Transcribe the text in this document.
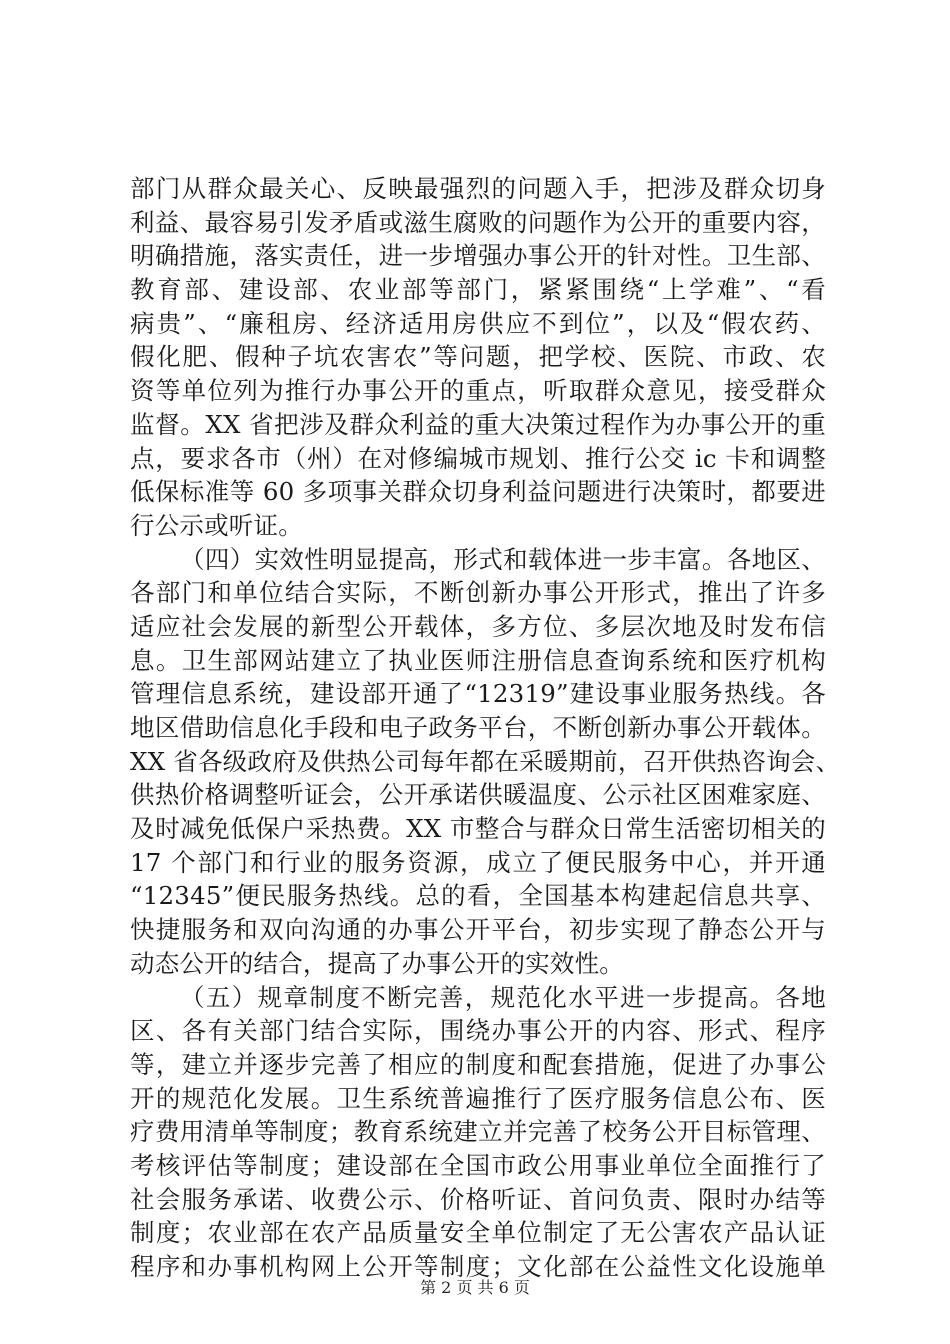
部门从群众最关心、反映最强烈的问题入手，把涉及群众切身
利益、最容易引发矛盾或滋生腐败的问题作为公开的重要内容，
明确措施，落实责任，进一步增强办事公开的针对性。卫生部、
教育部、建设部、农业部等部门，紧紧围绕“上学难”、“看
病贵”、“廉租房、经济适用房供应不到位”，以及“假农药、
假化肥、假种子坑农害农”等问题，把学校、医院、市政、农
资等单位列为推行办事公开的重点，听取群众意见，接受群众
监督。XX 省把涉及群众利益的重大决策过程作为办事公开的重
点，要求各市（州）在对修编城市规划、推行公交 ic 卡和调整
低保标准等 60 多项事关群众切身利益问题进行决策时，都要进
行公示或听证。
（四）实效性明显提高，形式和载体进一步丰富。各地区、
各部门和单位结合实际，不断创新办事公开形式，推出了许多
适应社会发展的新型公开载体，多方位、多层次地及时发布信
息。卫生部网站建立了执业医师注册信息查询系统和医疗机构
管理信息系统，建设部开通了“12319”建设事业服务热线。各
地区借助信息化手段和电子政务平台，不断创新办事公开载体。
XX 省各级政府及供热公司每年都在采暖期前，召开供热咨询会、
供热价格调整听证会，公开承诺供暖温度、公示社区困难家庭、
及时减免低保户采热费。XX 市整合与群众日常生活密切相关的
17 个部门和行业的服务资源，成立了便民服务中心，并开通
“12345”便民服务热线。总的看，全国基本构建起信息共享、
快捷服务和双向沟通的办事公开平台，初步实现了静态公开与
动态公开的结合，提高了办事公开的实效性。
（五）规章制度不断完善，规范化水平进一步提高。各地
区、各有关部门结合实际，围绕办事公开的内容、形式、程序
等，建立并逐步完善了相应的制度和配套措施，促进了办事公
开的规范化发展。卫生系统普遍推行了医疗服务信息公布、医
疗费用清单等制度；教育系统建立并完善了校务公开目标管理、
考核评估等制度；建设部在全国市政公用事业单位全面推行了
社会服务承诺、收费公示、价格听证、首问负责、限时办结等
制度；农业部在农产品质量安全单位制定了无公害农产品认证
程序和办事机构网上公开等制度；文化部在公益性文化设施单
第 2 页 共 6 页
